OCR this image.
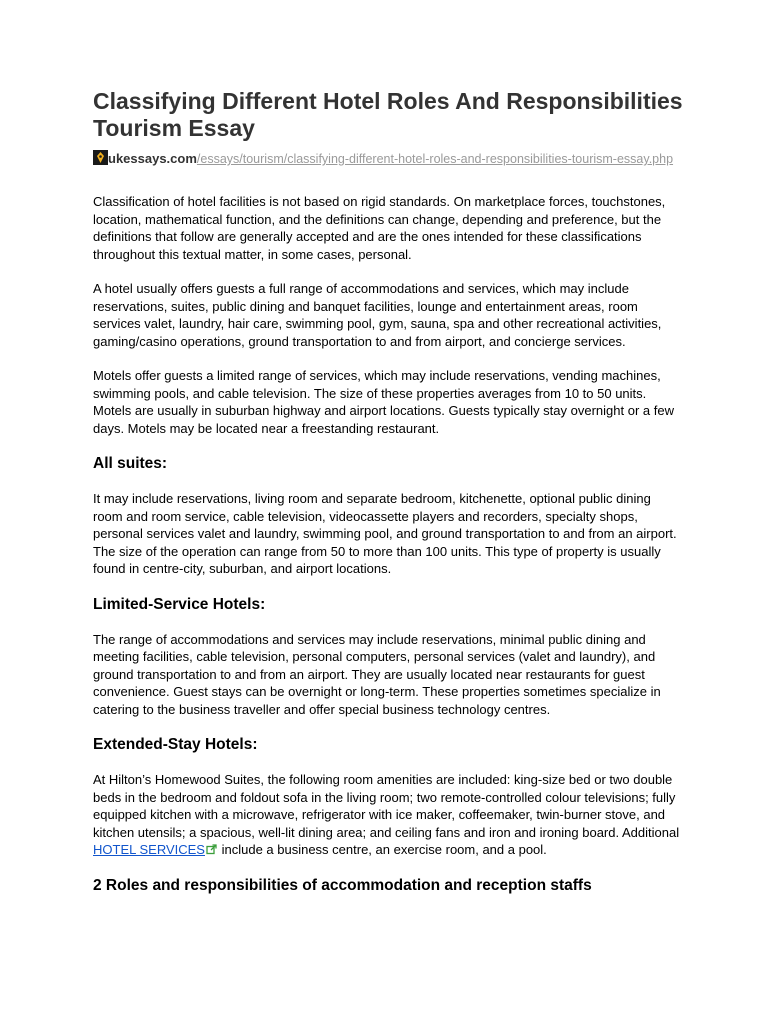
Classifying Different Hotel Roles And Responsibilities Tourism Essay
ukessays.com/essays/tourism/classifying-different-hotel-roles-and-responsibilities-tourism-essay.php

Classification of hotel facilities is not based on rigid standards. On marketplace forces, touchstones, location, mathematical function, and the definitions can change, depending and preference, but the definitions that follow are generally accepted and are the ones intended for these classifications throughout this textual matter, in some cases, personal.

A hotel usually offers guests a full range of accommodations and services, which may include reservations, suites, public dining and banquet facilities, lounge and entertainment areas, room services valet, laundry, hair care, swimming pool, gym, sauna, spa and other recreational activities, gaming/casino operations, ground transportation to and from airport, and concierge services.

Motels offer guests a limited range of services, which may include reservations, vending machines, swimming pools, and cable television. The size of these properties averages from 10 to 50 units. Motels are usually in suburban highway and airport locations. Guests typically stay overnight or a few days. Motels may be located near a freestanding restaurant.

All suites:

It may include reservations, living room and separate bedroom, kitchenette, optional public dining room and room service, cable television, videocassette players and recorders, specialty shops, personal services valet and laundry, swimming pool, and ground transportation to and from an airport. The size of the operation can range from 50 to more than 100 units. This type of property is usually found in centre-city, suburban, and airport locations.

Limited-Service Hotels:

The range of accommodations and services may include reservations, minimal public dining and meeting facilities, cable television, personal computers, personal services (valet and laundry), and ground transportation to and from an airport. They are usually located near restaurants for guest convenience. Guest stays can be overnight or long-term. These properties sometimes specialize in catering to the business traveller and offer special business technology centres.

Extended-Stay Hotels:

At Hilton’s Homewood Suites, the following room amenities are included: king-size bed or two double beds in the bedroom and foldout sofa in the living room; two remote-controlled colour televisions; fully equipped kitchen with a microwave, refrigerator with ice maker, coffeemaker, twin-burner stove, and kitchen utensils; a spacious, well-lit dining area; and ceiling fans and iron and ironing board. Additional HOTEL SERVICES include a business centre, an exercise room, and a pool.

2 Roles and responsibilities of accommodation and reception staffs
